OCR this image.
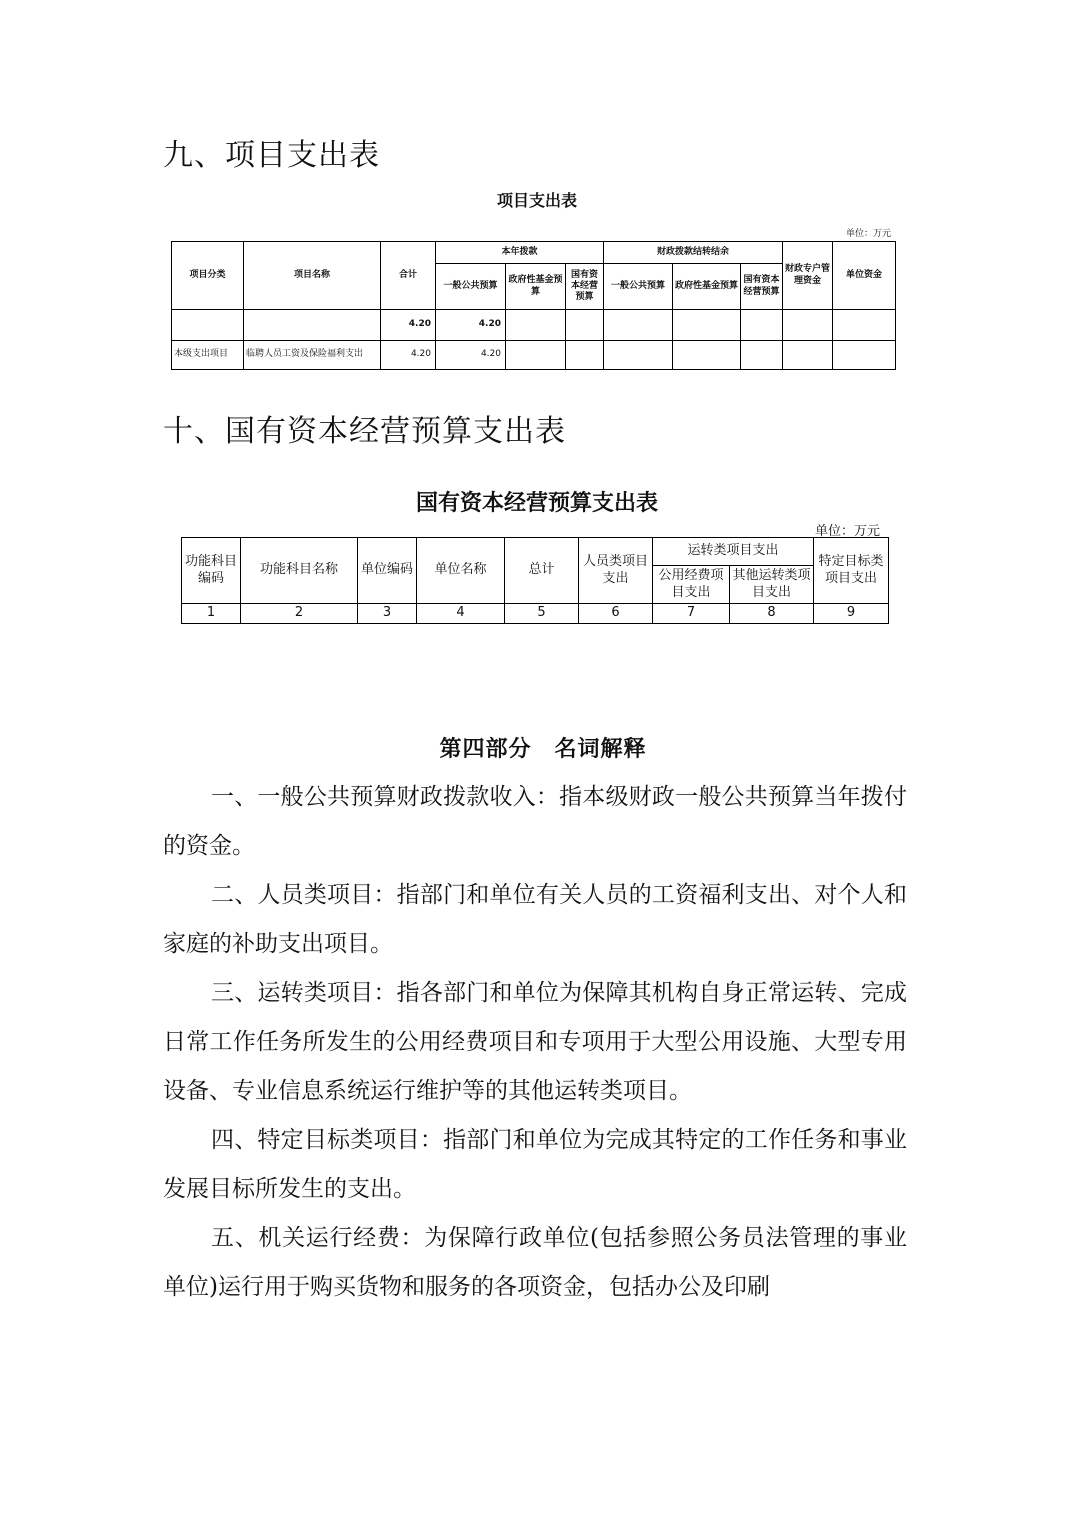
九、项目支出表
项目支出表
单位：万元
项目分类	项目名称	合计	本年拨款			财政拨款结转结余			财政专户管理资金	单位资金
			一般公共预算	政府性基金预算	国有资本经营预算	一般公共预算	政府性基金预算	国有资本经营预算		
		4.20	4.20							
本级支出项目	临聘人员工资及保险福利支出	4.20	4.20							
十、国有资本经营预算支出表
国有资本经营预算支出表
单位：万元
功能科目编码	功能科目名称	单位编码	单位名称	总计	人员类项目支出	运转类项目支出		特定目标类项目支出
						公用经费项目支出	其他运转类项目支出	
1	2	3	4	5	6	7	8	9
第四部分　名词解释

一、一般公共预算财政拨款收入：指本级财政一般公共预算当年拨付的资金。

二、人员类项目：指部门和单位有关人员的工资福利支出、对个人和家庭的补助支出项目。

三、运转类项目：指各部门和单位为保障其机构自身正常运转、完成日常工作任务所发生的公用经费项目和专项用于大型公用设施、大型专用设备、专业信息系统运行维护等的其他运转类项目。

四、特定目标类项目：指部门和单位为完成其特定的工作任务和事业发展目标所发生的支出。

五、机关运行经费：为保障行政单位(包括参照公务员法管理的事业单位)运行用于购买货物和服务的各项资金，包括办公及印刷
